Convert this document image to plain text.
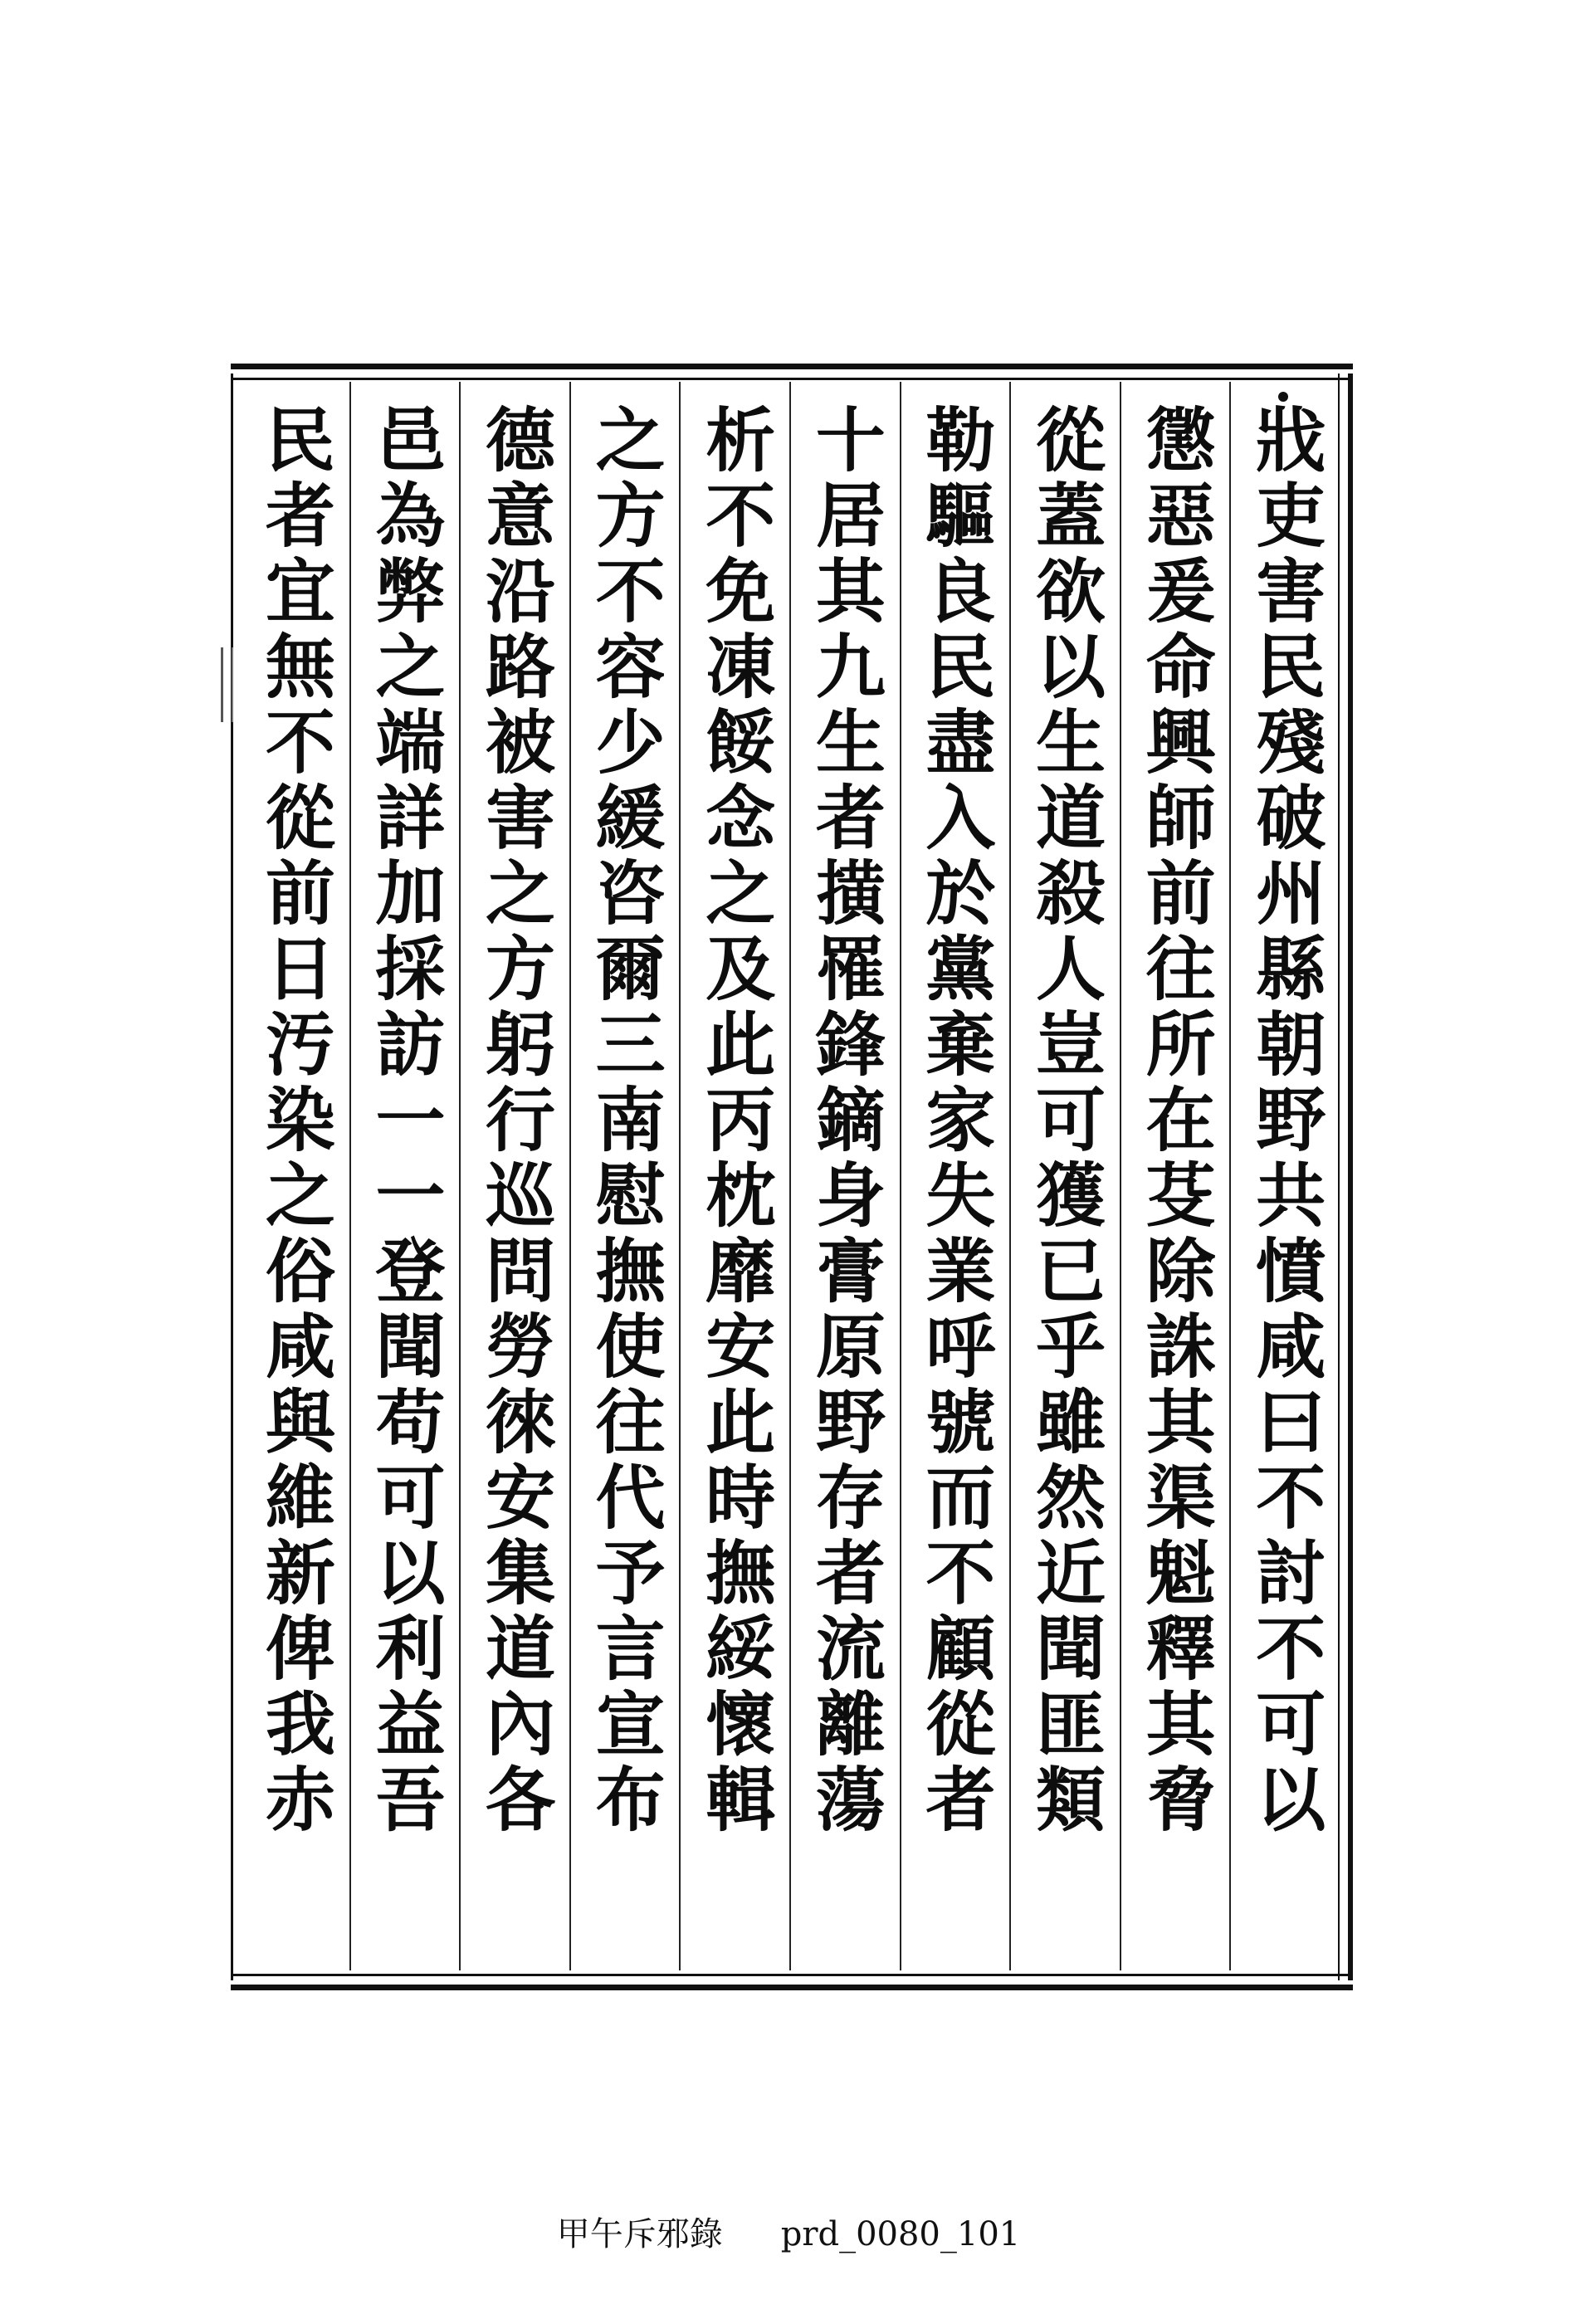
戕吏害民殘破州縣朝野共憤咸曰不討不可以
懲惡爰命興師前往所在芟除誅其渠魁釋其脅
從蓋欲以生道殺人豈可獲已乎雖然近聞匪類
勒驅良民盡入於黨棄家失業呼號而不顧從者
十居其九生者撗罹鋒鏑身膏原野存者流離蕩
析不免凍餒念之及此丙枕靡安此時撫綏懷輯
之方不容少緩咨爾三南慰撫使往代予言宣布
德意沿路被害之方躬行巡問勞徠安集道內各
邑為弊之端詳加採訪一一登聞苟可以利益吾
民者宜無不從前日汚染之俗咸與維新俾我赤
甲午斥邪錄 prd_0080_101
